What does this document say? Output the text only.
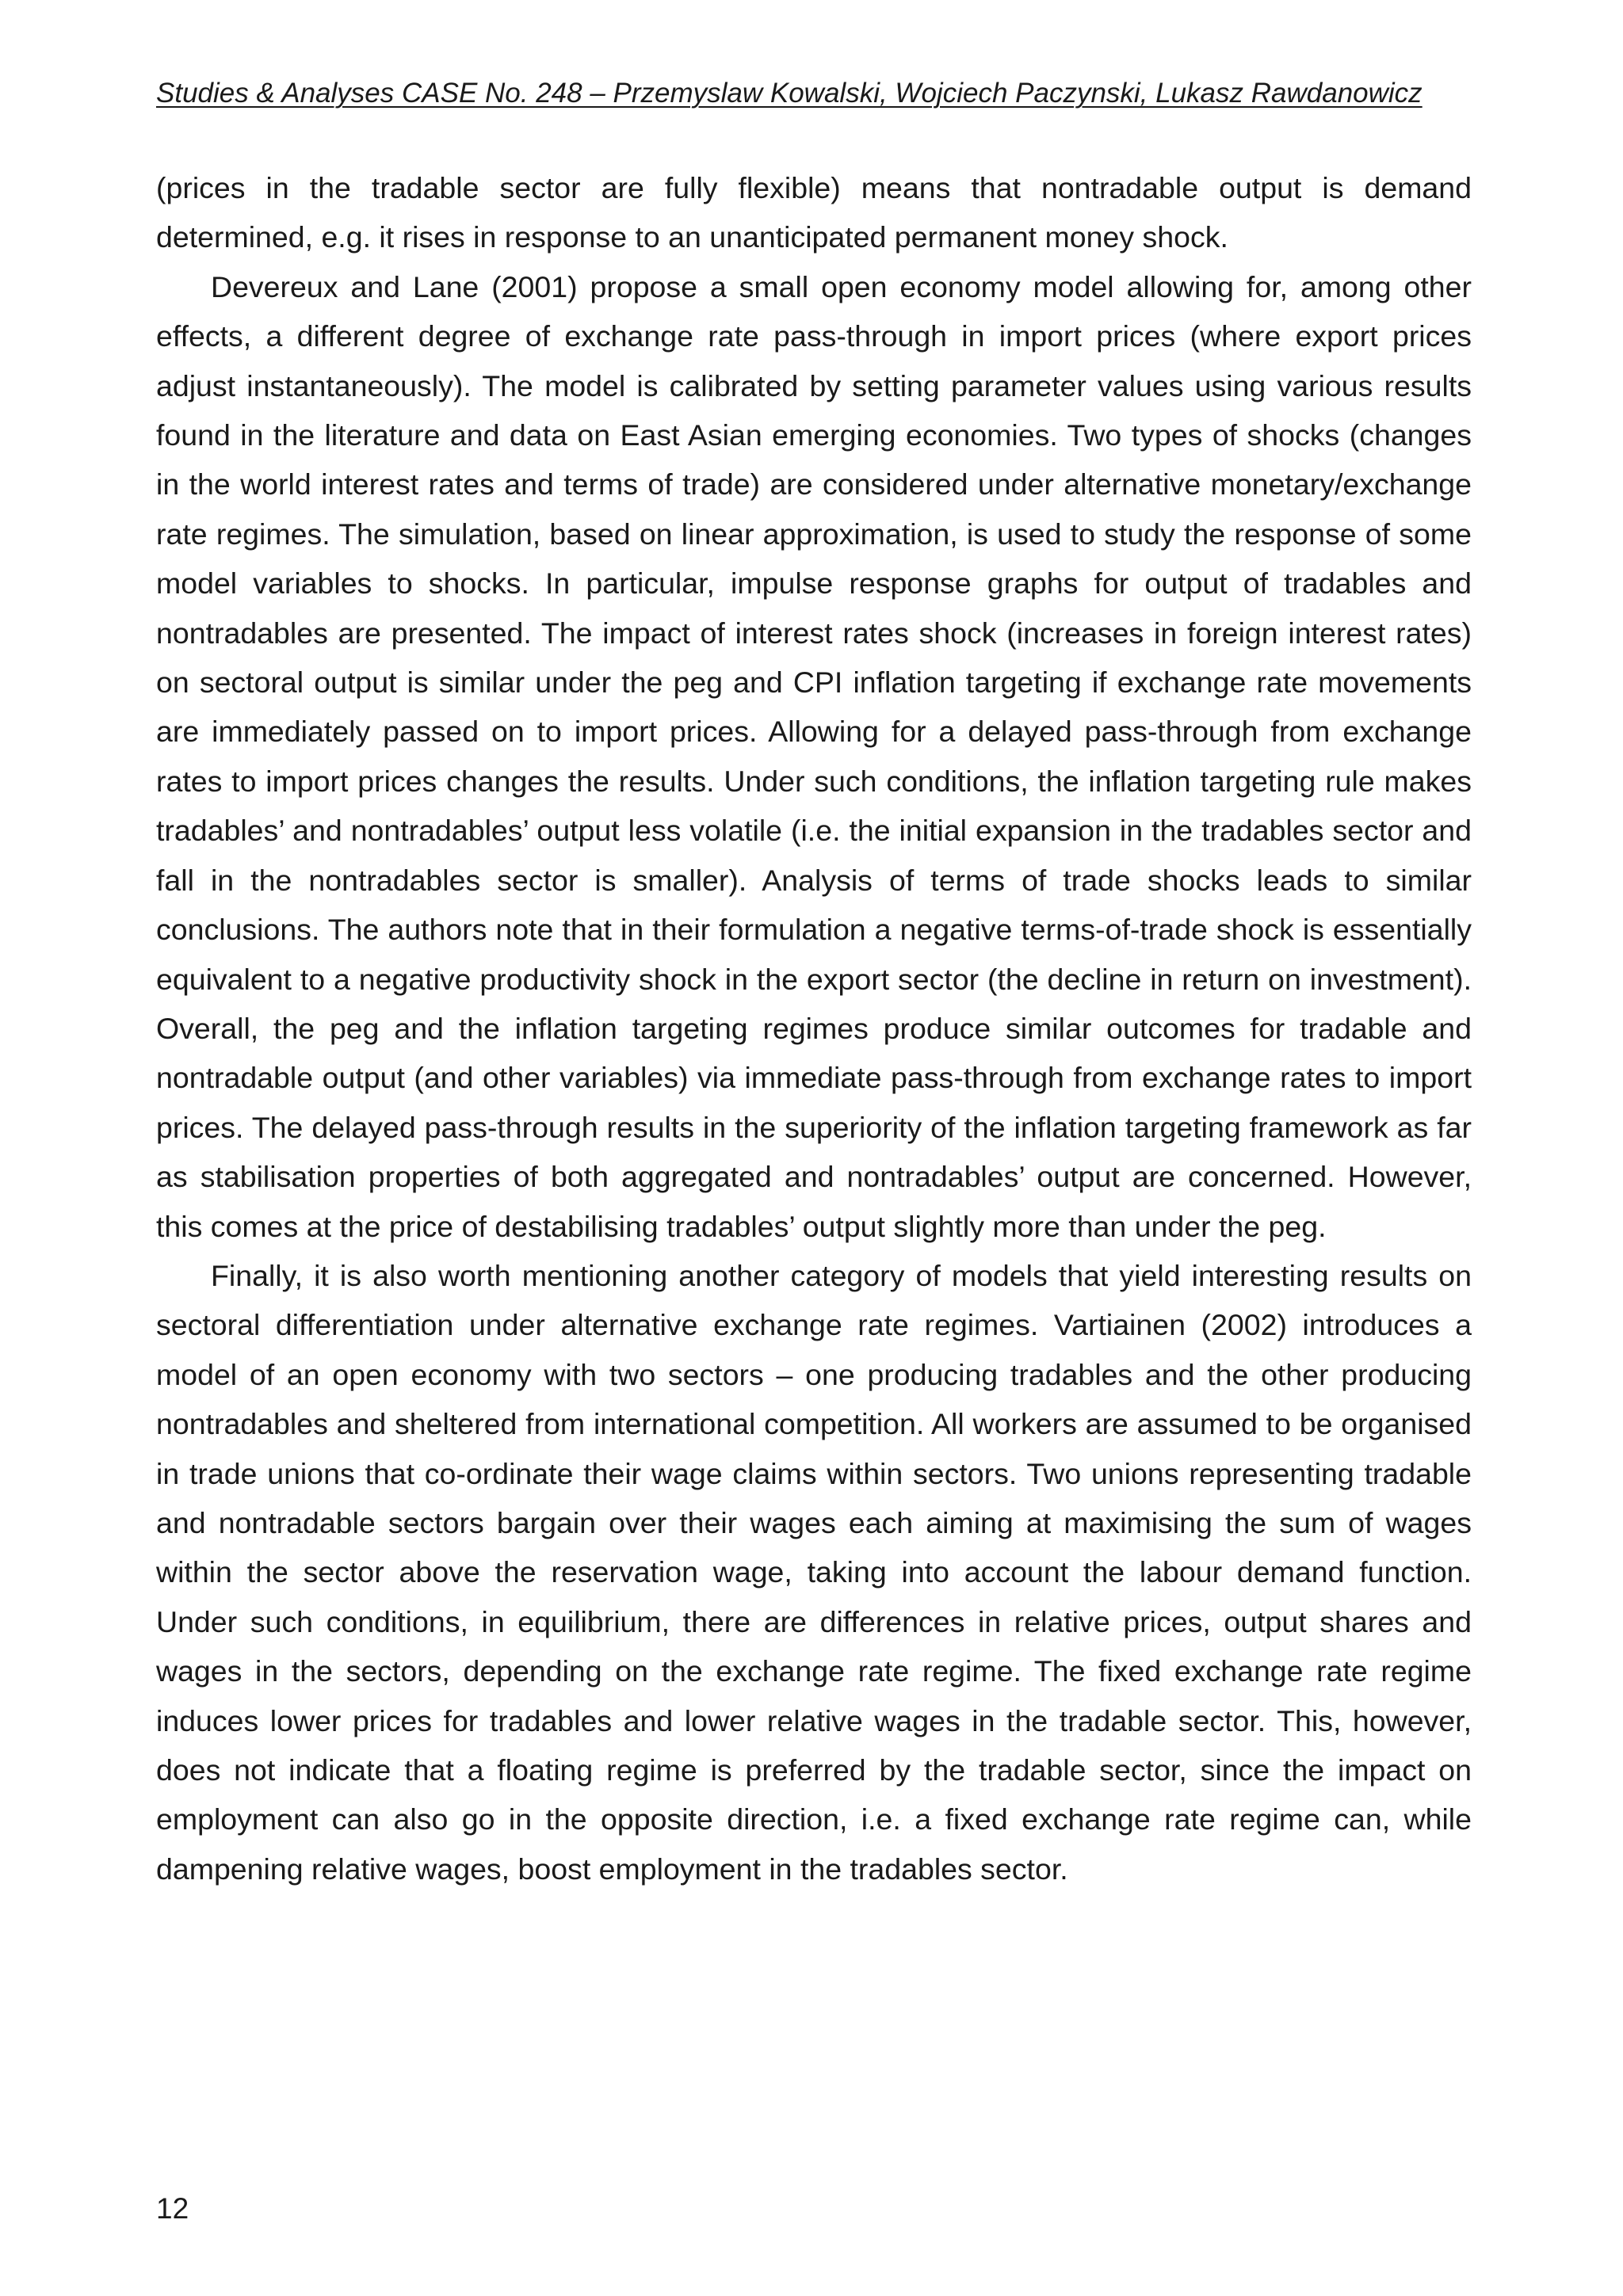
Studies & Analyses CASE No. 248 – Przemyslaw Kowalski, Wojciech Paczynski, Lukasz Rawdanowicz

(prices in the tradable sector are fully flexible) means that nontradable output is demand determined, e.g. it rises in response to an unanticipated permanent money shock.

Devereux and Lane (2001) propose a small open economy model allowing for, among other effects, a different degree of exchange rate pass-through in import prices (where export prices adjust instantaneously). The model is calibrated by setting parameter values using various results found in the literature and data on East Asian emerging economies. Two types of shocks (changes in the world interest rates and terms of trade) are considered under alternative monetary/exchange rate regimes. The simulation, based on linear approximation, is used to study the response of some model variables to shocks. In particular, impulse response graphs for output of tradables and nontradables are presented. The impact of interest rates shock (increases in foreign interest rates) on sectoral output is similar under the peg and CPI inflation targeting if exchange rate movements are immediately passed on to import prices. Allowing for a delayed pass-through from exchange rates to import prices changes the results. Under such conditions, the inflation targeting rule makes tradables’ and nontradables’ output less volatile (i.e. the initial expansion in the tradables sector and fall in the nontradables sector is smaller). Analysis of terms of trade shocks leads to similar conclusions. The authors note that in their formulation a negative terms-of-trade shock is essentially equivalent to a negative productivity shock in the export sector (the decline in return on investment). Overall, the peg and the inflation targeting regimes produce similar outcomes for tradable and nontradable output (and other variables) via immediate pass-through from exchange rates to import prices. The delayed pass-through results in the superiority of the inflation targeting framework as far as stabilisation properties of both aggregated and nontradables’ output are concerned. However, this comes at the price of destabilising tradables’ output slightly more than under the peg.

Finally, it is also worth mentioning another category of models that yield interesting results on sectoral differentiation under alternative exchange rate regimes. Vartiainen (2002) introduces a model of an open economy with two sectors – one producing tradables and the other producing nontradables and sheltered from international competition. All workers are assumed to be organised in trade unions that co-ordinate their wage claims within sectors. Two unions representing tradable and nontradable sectors bargain over their wages each aiming at maximising the sum of wages within the sector above the reservation wage, taking into account the labour demand function. Under such conditions, in equilibrium, there are differences in relative prices, output shares and wages in the sectors, depending on the exchange rate regime. The fixed exchange rate regime induces lower prices for tradables and lower relative wages in the tradable sector. This, however, does not indicate that a floating regime is preferred by the tradable sector, since the impact on employment can also go in the opposite direction, i.e. a fixed exchange rate regime can, while dampening relative wages, boost employment in the tradables sector.

12
